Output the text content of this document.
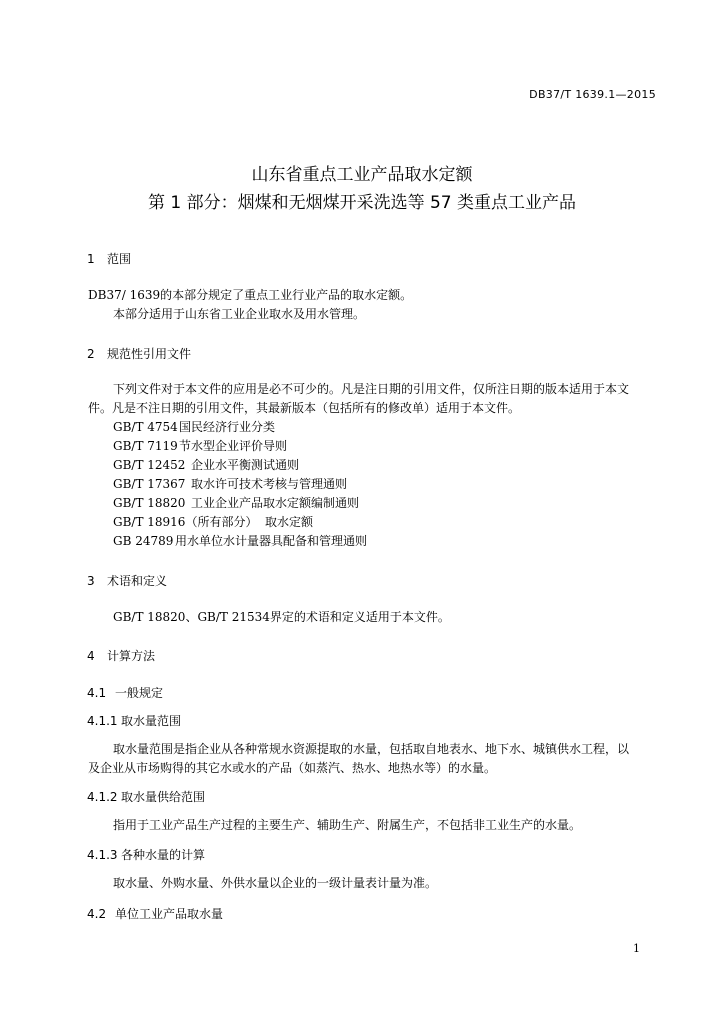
DB37/T 1639.1—2015
山东省重点工业产品取水定额
第 1 部分：烟煤和无烟煤开采洗选等 57 类重点工业产品
1 范围
DB37/ 1639的本部分规定了重点工业行业产品的取水定额。
本部分适用于山东省工业企业取水及用水管理。
2 规范性引用文件
下列文件对于本文件的应用是必不可少的。凡是注日期的引用文件，仅所注日期的版本适用于本文
件。凡是不注日期的引用文件，其最新版本（包括所有的修改单）适用于本文件。
GB/T 4754国民经济行业分类
GB/T 7119节水型企业评价导则
GB/T 12452 企业水平衡测试通则
GB/T 17367 取水许可技术考核与管理通则
GB/T 18820 工业企业产品取水定额编制通则
GB/T 18916（所有部分） 取水定额
GB 24789 用水单位水计量器具配备和管理通则
3 术语和定义
GB/T 18820、GB/T 21534界定的术语和定义适用于本文件。
4 计算方法
4.1 一般规定
4.1.1 取水量范围
取水量范围是指企业从各种常规水资源提取的水量，包括取自地表水、地下水、城镇供水工程，以
及企业从市场购得的其它水或水的产品（如蒸汽、热水、地热水等）的水量。
4.1.2 取水量供给范围
指用于工业产品生产过程的主要生产、辅助生产、附属生产，不包括非工业生产的水量。
4.1.3 各种水量的计算
取水量、外购水量、外供水量以企业的一级计量表计量为准。
4.2 单位工业产品取水量
1
